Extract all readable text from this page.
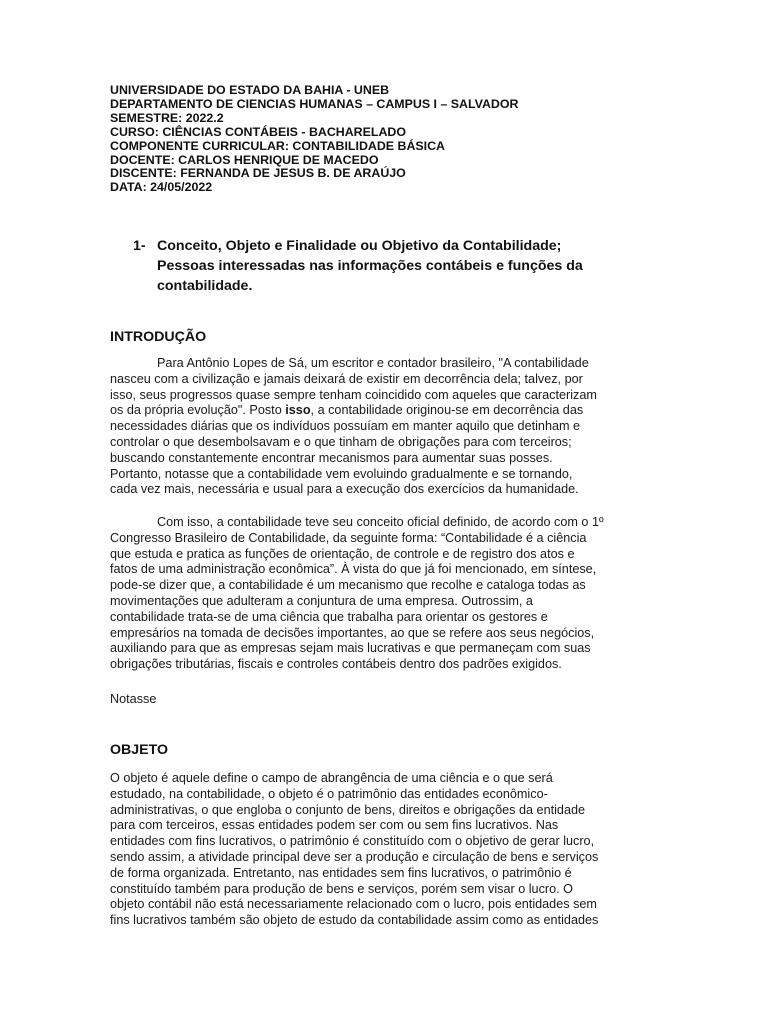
UNIVERSIDADE DO ESTADO DA BAHIA - UNEB
DEPARTAMENTO DE CIENCIAS HUMANAS – CAMPUS I – SALVADOR
SEMESTRE: 2022.2
CURSO: CIÊNCIAS CONTÁBEIS - BACHARELADO
COMPONENTE CURRICULAR: CONTABILIDADE BÁSICA
DOCENTE: CARLOS HENRIQUE DE MACEDO
DISCENTE: FERNANDA DE JESUS B. DE ARAÚJO
DATA: 24/05/2022
1- Conceito, Objeto e Finalidade ou Objetivo da Contabilidade;
Pessoas interessadas nas informações contábeis e funções da
contabilidade.
INTRODUÇÃO
Para Antônio Lopes de Sá, um escritor e contador brasileiro, "A contabilidade
nasceu com a civilização e jamais deixará de existir em decorrência dela; talvez, por
isso, seus progressos quase sempre tenham coincidido com aqueles que caracterizam
os da própria evolução". Posto isso, a contabilidade originou-se em decorrência das
necessidades diárias que os indivíduos possuíam em manter aquilo que detinham e
controlar o que desembolsavam e o que tinham de obrigações para com terceiros;
buscando constantemente encontrar mecanismos para aumentar suas posses.
Portanto, notasse que a contabilidade vem evoluindo gradualmente e se tornando,
cada vez mais, necessária e usual para a execução dos exercícios da humanidade.
Com isso, a contabilidade teve seu conceito oficial definido, de acordo com o 1º
Congresso Brasileiro de Contabilidade, da seguinte forma: “Contabilidade é a ciência
que estuda e pratica as funções de orientação, de controle e de registro dos atos e
fatos de uma administração econômica”. À vista do que já foi mencionado, em síntese,
pode-se dizer que, a contabilidade é um mecanismo que recolhe e cataloga todas as
movimentações que adulteram a conjuntura de uma empresa. Outrossim, a
contabilidade trata-se de uma ciência que trabalha para orientar os gestores e
empresários na tomada de decisões importantes, ao que se refere aos seus negócios,
auxiliando para que as empresas sejam mais lucrativas e que permaneçam com suas
obrigações tributárias, fiscais e controles contábeis dentro dos padrões exigidos.
Notasse
OBJETO
O objeto é aquele define o campo de abrangência de uma ciência e o que será
estudado, na contabilidade, o objeto é o patrimônio das entidades econômico-
administrativas, o que engloba o conjunto de bens, direitos e obrigações da entidade
para com terceiros, essas entidades podem ser com ou sem fins lucrativos. Nas
entidades com fins lucrativos, o patrimônio é constituído com o objetivo de gerar lucro,
sendo assim, a atividade principal deve ser a produção e circulação de bens e serviços
de forma organizada. Entretanto, nas entidades sem fins lucrativos, o patrimônio é
constituído também para produção de bens e serviços, porém sem visar o lucro. O
objeto contábil não está necessariamente relacionado com o lucro, pois entidades sem
fins lucrativos também são objeto de estudo da contabilidade assim como as entidades
